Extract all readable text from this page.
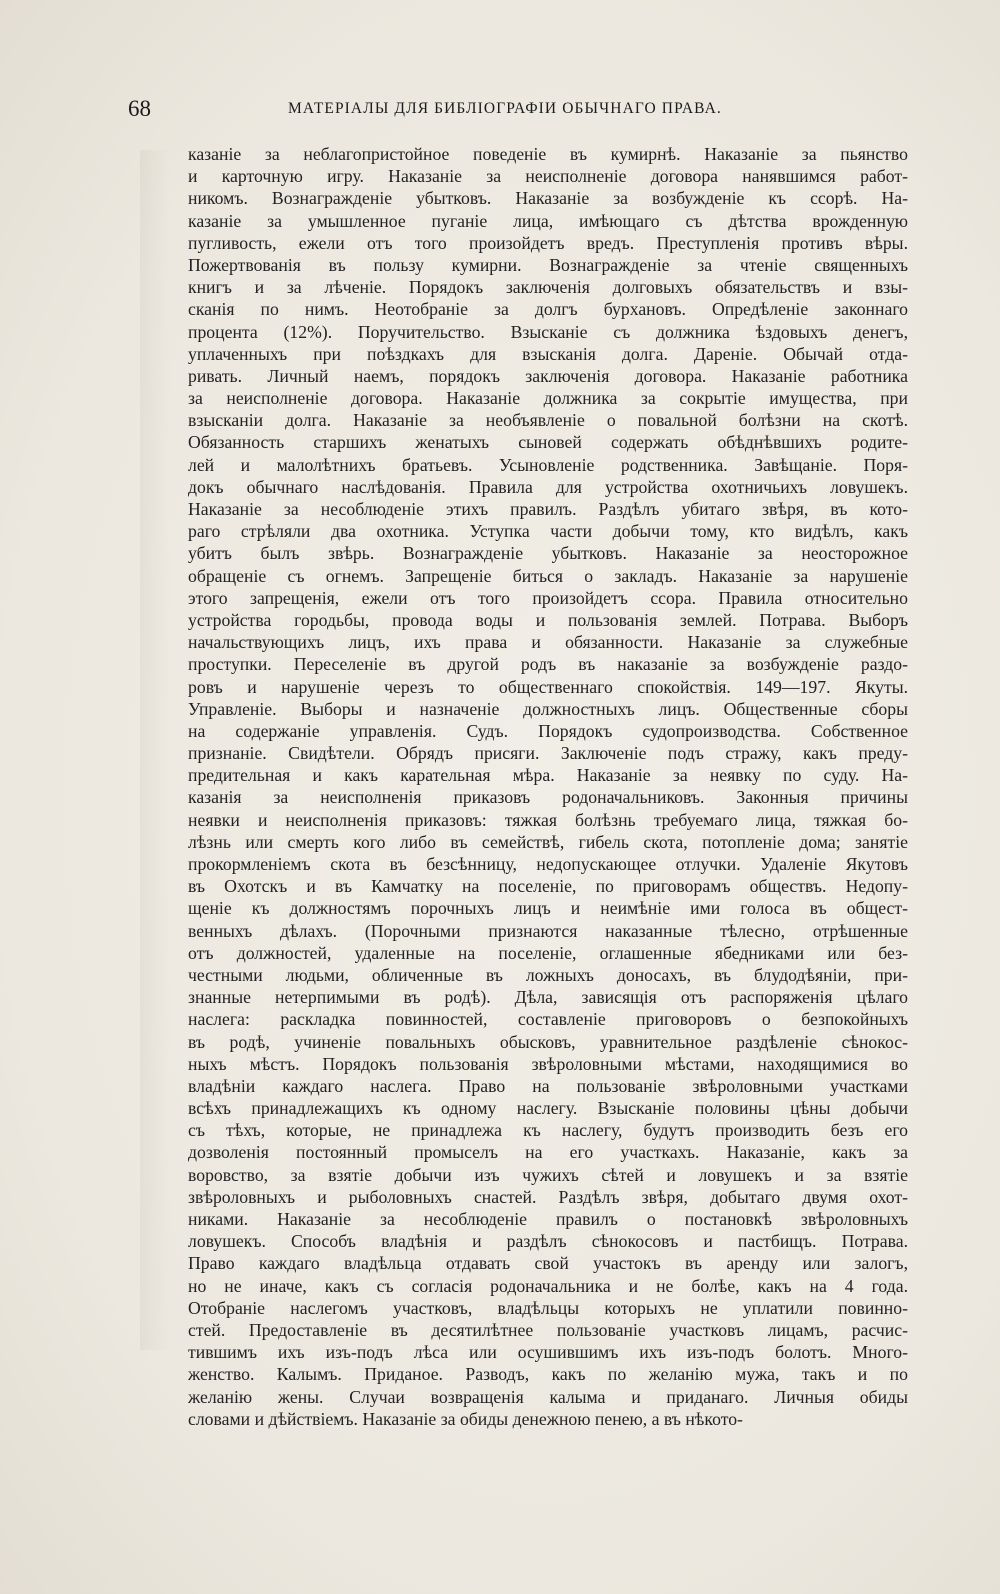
68	МАТЕРІАЛЫ ДЛЯ БИБЛІОГРАФІИ ОБЫЧНАГО ПРАВА.
казаніе за неблагопристойное поведеніе въ кумирнѣ. Наказаніе за пьянство
и карточную игру. Наказаніе за неисполненіе договора нанявшимся работ-
никомъ. Вознагражденіе убытковъ. Наказаніе за возбужденіе къ ссорѣ. На-
казаніе за умышленное пуганіе лица, имѣющаго съ дѣтства врожденную
пугливость, ежели отъ того произойдетъ вредъ. Преступленія противъ вѣры.
Пожертвованія въ пользу кумирни. Вознагражденіе за чтеніе священныхъ
книгъ и за лѣченіе. Порядокъ заключенія долговыхъ обязательствъ и взы-
сканія по нимъ. Неотобраніе за долгъ бурхановъ. Опредѣленіе законнаго
процента (12%). Поручительство. Взысканіе съ должника ѣздовыхъ денегъ,
уплаченныхъ при поѣздкахъ для взысканія долга. Дареніе. Обычай отда-
ривать. Личный наемъ, порядокъ заключенія договора. Наказаніе работника
за неисполненіе договора. Наказаніе должника за сокрытіе имущества, при
взысканіи долга. Наказаніе за необъявленіе о повальной болѣзни на скотѣ.
Обязанность старшихъ женатыхъ сыновей содержать обѣднѣвшихъ родите-
лей и малолѣтнихъ братьевъ. Усыновленіе родственника. Завѣщаніе. Поря-
докъ обычнаго наслѣдованія. Правила для устройства охотничьихъ ловушекъ.
Наказаніе за несоблюденіе этихъ правилъ. Раздѣлъ убитаго звѣря, въ кото-
раго стрѣляли два охотника. Уступка части добычи тому, кто видѣлъ, какъ
убитъ былъ звѣрь. Вознагражденіе убытковъ. Наказаніе за неосторожное
обращеніе съ огнемъ. Запрещеніе биться о закладъ. Наказаніе за нарушеніе
этого запрещенія, ежели отъ того произойдетъ ссора. Правила относительно
устройства городьбы, провода воды и пользованія землей. Потрава. Выборъ
начальствующихъ лицъ, ихъ права и обязанности. Наказаніе за служебные
проступки. Переселеніе въ другой родъ въ наказаніе за возбужденіе раздо-
ровъ и нарушеніе черезъ то общественнаго спокойствія. 149—197. Якуты.
Управленіе. Выборы и назначеніе должностныхъ лицъ. Общественные сборы
на содержаніе управленія. Судъ. Порядокъ судопроизводства. Собственное
признаніе. Свидѣтели. Обрядъ присяги. Заключеніе подъ стражу, какъ преду-
предительная и какъ карательная мѣра. Наказаніе за неявку по суду. На-
казанія за неисполненія приказовъ родоначальниковъ. Законныя причины
неявки и неисполненія приказовъ: тяжкая болѣзнь требуемаго лица, тяжкая бо-
лѣзнь или смерть кого либо въ семействѣ, гибель скота, потопленіе дома; занятіе
прокормленіемъ скота въ безсѣнницу, недопускающее отлучки. Удаленіе Якутовъ
въ Охотскъ и въ Камчатку на поселеніе, по приговорамъ обществъ. Недопу-
щеніе къ должностямъ порочныхъ лицъ и неимѣніе ими голоса въ общест-
венныхъ дѣлахъ. (Порочными признаются наказанные тѣлесно, отрѣшенные
отъ должностей, удаленные на поселеніе, оглашенные ябедниками или без-
честными людьми, обличенные въ ложныхъ доносахъ, въ блудодѣяніи, при-
знанные нетерпимыми въ родѣ). Дѣла, зависящія отъ распоряженія цѣлаго
наслега: раскладка повинностей, составленіе приговоровъ о безпокойныхъ
въ родѣ, учиненіе повальныхъ обысковъ, уравнительное раздѣленіе сѣнокос-
ныхъ мѣстъ. Порядокъ пользованія звѣроловными мѣстами, находящимися во
владѣніи каждаго наслега. Право на пользованіе звѣроловными участками
всѣхъ принадлежащихъ къ одному наслегу. Взысканіе половины цѣны добычи
съ тѣхъ, которые, не принадлежа къ наслегу, будутъ производить безъ его
дозволенія постоянный промыселъ на его участкахъ. Наказаніе, какъ за
воровство, за взятіе добычи изъ чужихъ сѣтей и ловушекъ и за взятіе
звѣроловныхъ и рыболовныхъ снастей. Раздѣлъ звѣря, добытаго двумя охот-
никами. Наказаніе за несоблюденіе правилъ о постановкѣ звѣроловныхъ
ловушекъ. Способъ владѣнія и раздѣлъ сѣнокосовъ и пастбищъ. Потрава.
Право каждаго владѣльца отдавать свой участокъ въ аренду или залогъ,
но не иначе, какъ съ согласія родоначальника и не болѣе, какъ на 4 года.
Отобраніе наслегомъ участковъ, владѣльцы которыхъ не уплатили повинно-
стей. Предоставленіе въ десятилѣтнее пользованіе участковъ лицамъ, расчис-
тившимъ ихъ изъ-подъ лѣса или осушившимъ ихъ изъ-подъ болотъ. Много-
женство. Калымъ. Приданое. Разводъ, какъ по желанію мужа, такъ и по
желанію жены. Случаи возвращенія калыма и приданаго. Личныя обиды
словами и дѣйствіемъ. Наказаніе за обиды денежною пенею, а въ нѣкото-
